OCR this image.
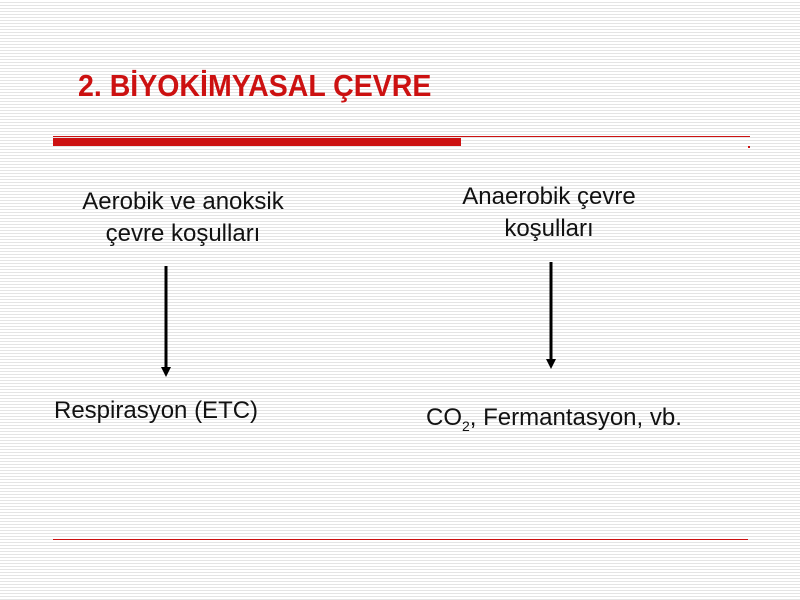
2. BİYOKİMYASAL ÇEVRE
Aerobik ve anoksik
çevre koşulları
Anaerobik çevre
koşulları
Respirasyon (ETC)	$CO_2$, Fermantasyon, vb.
